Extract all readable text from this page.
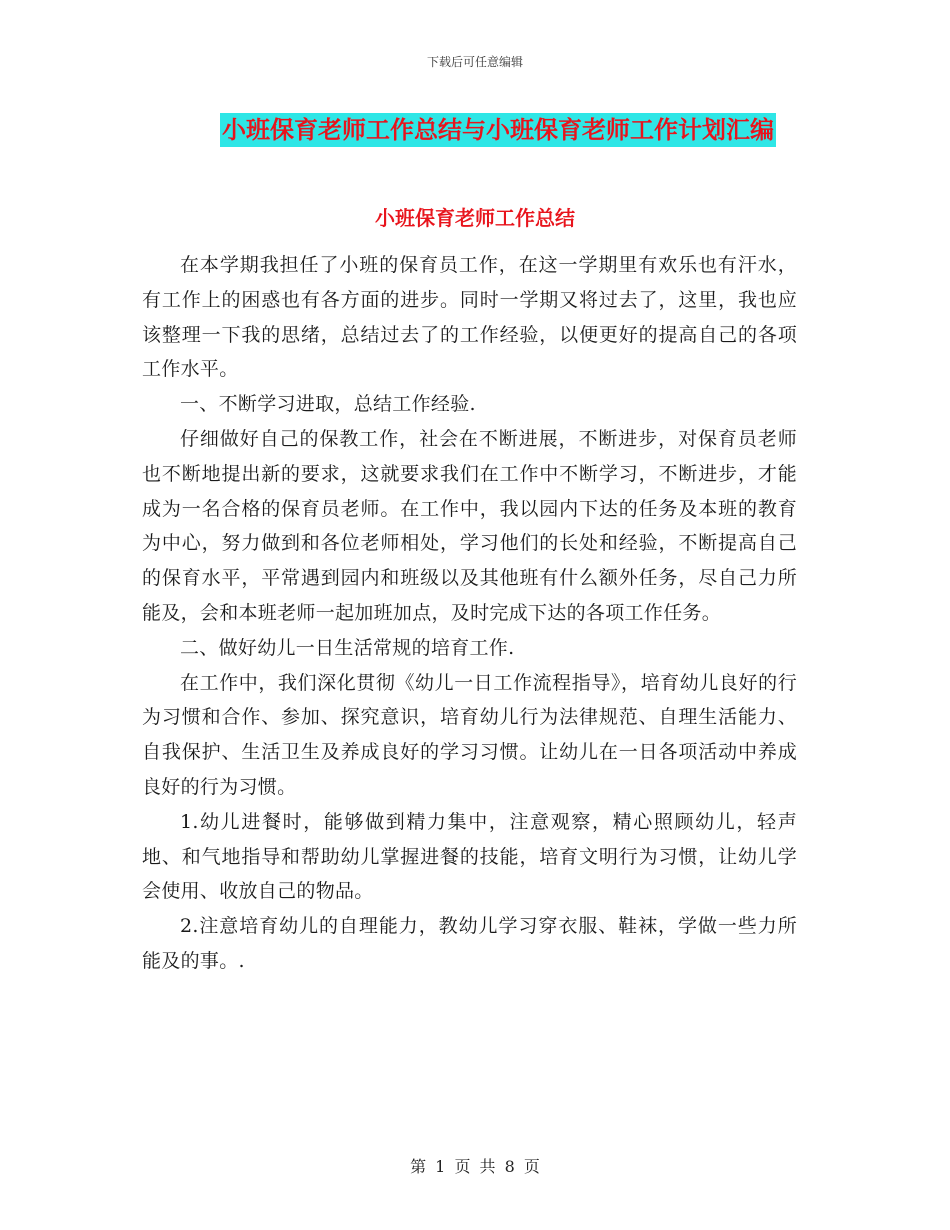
下载后可任意编辑
小班保育老师工作总结与小班保育老师工作计划汇编
小班保育老师工作总结

在本学期我担任了小班的保育员工作，在这一学期里有欢乐也有汗水，有工作上的困惑也有各方面的进步。同时一学期又将过去了，这里，我也应该整理一下我的思绪，总结过去了的工作经验，以便更好的提高自己的各项工作水平。

一、不断学习进取，总结工作经验.

仔细做好自己的保教工作，社会在不断进展，不断进步，对保育员老师也不断地提出新的要求，这就要求我们在工作中不断学习，不断进步，才能成为一名合格的保育员老师。在工作中，我以园内下达的任务及本班的教育为中心，努力做到和各位老师相处，学习他们的长处和经验，不断提高自己的保育水平，平常遇到园内和班级以及其他班有什么额外任务，尽自己力所能及，会和本班老师一起加班加点，及时完成下达的各项工作任务。

二、做好幼儿一日生活常规的培育工作.

在工作中，我们深化贯彻《幼儿一日工作流程指导》，培育幼儿良好的行为习惯和合作、参加、探究意识，培育幼儿行为法律规范、自理生活能力、自我保护、生活卫生及养成良好的学习习惯。让幼儿在一日各项活动中养成良好的行为习惯。

1.幼儿进餐时，能够做到精力集中，注意观察，精心照顾幼儿，轻声地、和气地指导和帮助幼儿掌握进餐的技能，培育文明行为习惯，让幼儿学会使用、收放自己的物品。

2.注意培育幼儿的自理能力，教幼儿学习穿衣服、鞋袜，学做一些力所能及的事。.

第 1 页 共 8 页
